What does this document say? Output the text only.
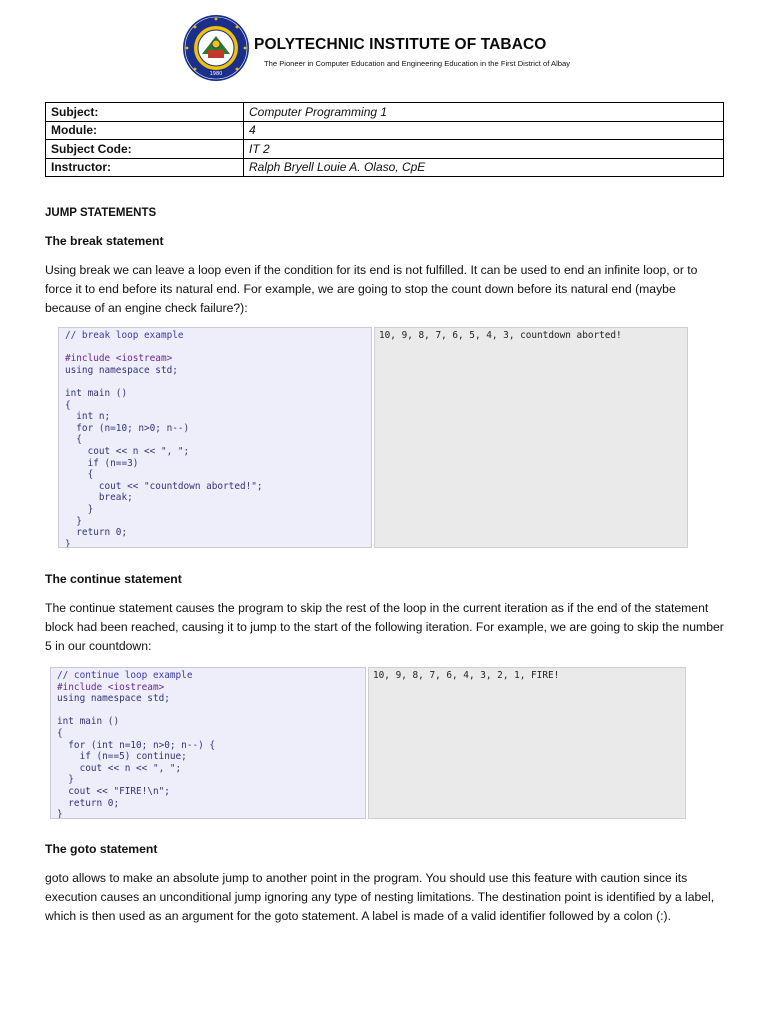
1980
POLYTECHNIC INSTITUTE OF TABACO
The Pioneer in Computer Education and Engineering Education in the First District of Albay
Subject:	Computer Programming 1
Module:	4
Subject Code:	IT 2
Instructor:	Ralph Bryell Louie A. Olaso, CpE
JUMP STATEMENTS
The break statement
Using break we can leave a loop even if the condition for its end is not fulfilled. It can be used to end an infinite loop, or to force it to end before its natural end. For example, we are going to stop the count down before its natural end (maybe because of an engine check failure?):
// break loop example
#include <iostream>
using namespace std;
int main ()
{
int n;
for (n=10; n>0; n--)
{
cout << n << ", ";
if (n==3)
{
cout << "countdown aborted!";
break;
}
}
return 0;
}
10, 9, 8, 7, 6, 5, 4, 3, countdown aborted!
The continue statement
The continue statement causes the program to skip the rest of the loop in the current iteration as if the end of the statement block had been reached, causing it to jump to the start of the following iteration. For example, we are going to skip the number 5 in our countdown:
// continue loop example
#include <iostream>
using namespace std;
int main ()
{
for (int n=10; n>0; n--) {
if (n==5) continue;
cout << n << ", ";
}
cout << "FIRE!\n";
return 0;
}
10, 9, 8, 7, 6, 4, 3, 2, 1, FIRE!
The goto statement
goto allows to make an absolute jump to another point in the program. You should use this feature with caution since its execution causes an unconditional jump ignoring any type of nesting limitations. The destination point is identified by a label, which is then used as an argument for the goto statement. A label is made of a valid identifier followed by a colon (:).
